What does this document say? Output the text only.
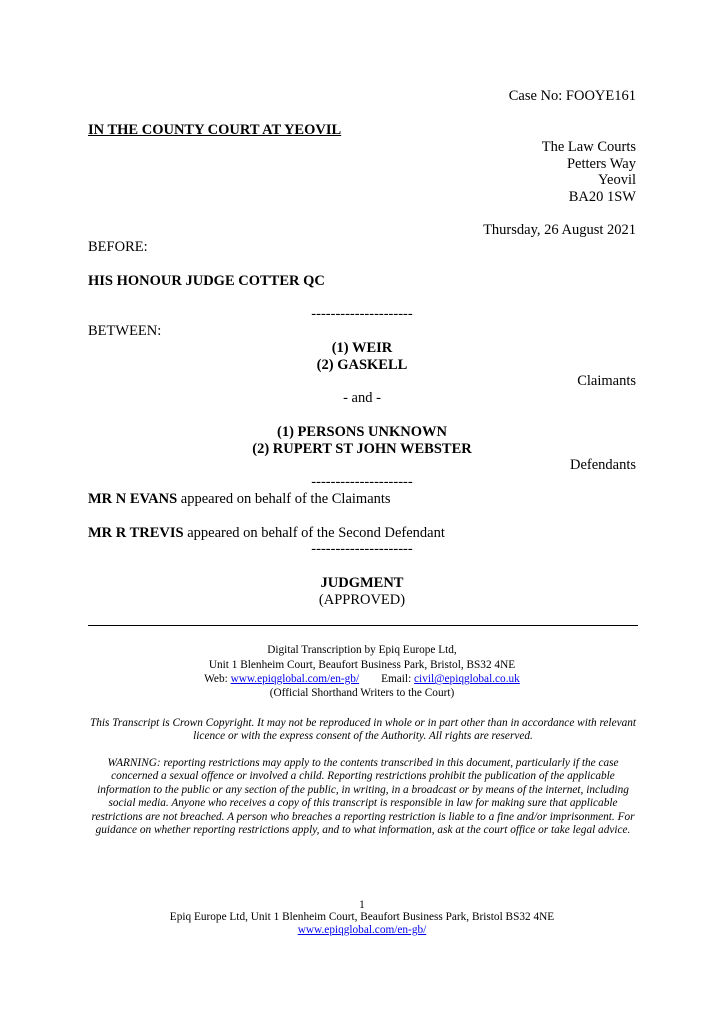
Case No: FOOYE161
IN THE COUNTY COURT AT YEOVIL
The Law Courts
Petters Way
Yeovil
BA20 1SW
Thursday, 26 August 2021
BEFORE:
HIS HONOUR JUDGE COTTER QC
---------------------
BETWEEN:
(1) WEIR
(2) GASKELL
Claimants
- and -
(1) PERSONS UNKNOWN
(2) RUPERT ST JOHN WEBSTER
Defendants
---------------------
MR N EVANS appeared on behalf of the Claimants
MR R TREVIS appeared on behalf of the Second Defendant
---------------------
JUDGMENT
(APPROVED)
Digital Transcription by Epiq Europe Ltd,
Unit 1 Blenheim Court, Beaufort Business Park, Bristol, BS32 4NE
Web: www.epiqglobal.com/en-gb/ Email: civil@epiqglobal.co.uk
(Official Shorthand Writers to the Court)
This Transcript is Crown Copyright. It may not be reproduced in whole or in part other than in accordance with relevant licence or with the express consent of the Authority. All rights are reserved.
WARNING: reporting restrictions may apply to the contents transcribed in this document, particularly if the case concerned a sexual offence or involved a child. Reporting restrictions prohibit the publication of the applicable information to the public or any section of the public, in writing, in a broadcast or by means of the internet, including social media. Anyone who receives a copy of this transcript is responsible in law for making sure that applicable restrictions are not breached. A person who breaches a reporting restriction is liable to a fine and/or imprisonment. For guidance on whether reporting restrictions apply, and to what information, ask at the court office or take legal advice.
1
Epiq Europe Ltd, Unit 1 Blenheim Court, Beaufort Business Park, Bristol BS32 4NE
www.epiqglobal.com/en-gb/
